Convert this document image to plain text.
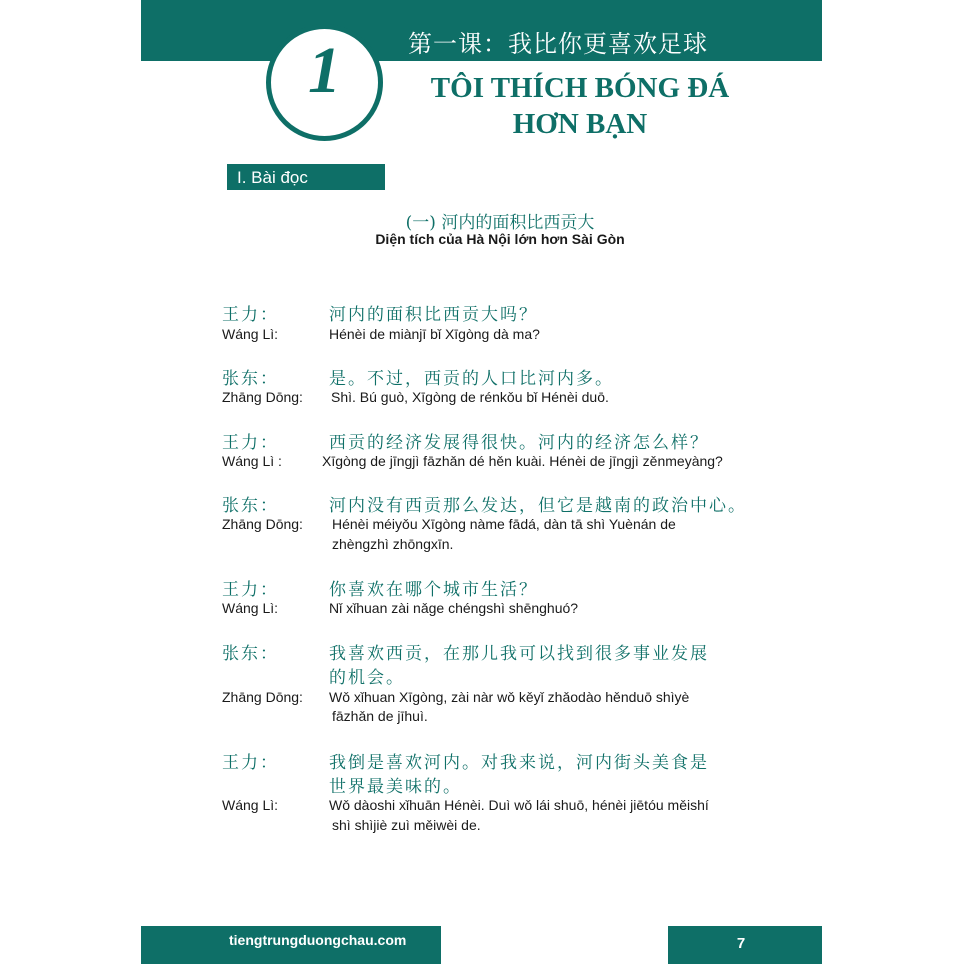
第一课：我比你更喜欢足球
1	TÔI THÍCH BÓNG ĐÁ
HƠN BẠN
I. Bài đọc
(一) 河内的面积比西贡大
Diện tích của Hà Nội lớn hơn Sài Gòn
王力：	河内的面积比西贡大吗？
Wáng Lì:	Hénèi de miànjī bǐ Xīgòng dà ma?
张东：	是。不过，西贡的人口比河内多。
Zhāng Dōng: Shì. Bú guò, Xīgòng de rénkǒu bǐ Hénèi duō.
王力：	西贡的经济发展得很快。河内的经济怎么样？
Wáng Lì :	Xīgòng de jīngjì fāzhǎn dé hěn kuài. Hénèi de jīngjì zěnmeyàng?
张东：	河内没有西贡那么发达，但它是越南的政治中心。
Zhāng Dōng: Hénèi méiyǒu Xīgòng nàme fādá, dàn tā shì Yuènán de
zhèngzhì zhōngxīn.
王力：	你喜欢在哪个城市生活？
Wáng Lì:	Nǐ xǐhuan zài nǎge chéngshì shēnghuó?
张东：	我喜欢西贡，在那儿我可以找到很多事业发展
的机会。
Zhāng Dōng: Wǒ xǐhuan Xīgòng, zài nàr wǒ kěyǐ zhǎodào hěnduō shìyè
fāzhǎn de jīhuì.
王力：	我倒是喜欢河内。对我来说，河内街头美食是
世界最美味的。
Wáng Lì:	Wǒ dàoshi xǐhuān Hénèi. Duì wǒ lái shuō, hénèi jiētóu měishí
shì shìjiè zuì měiwèi de.
tiengtrungduongchau.com	7
